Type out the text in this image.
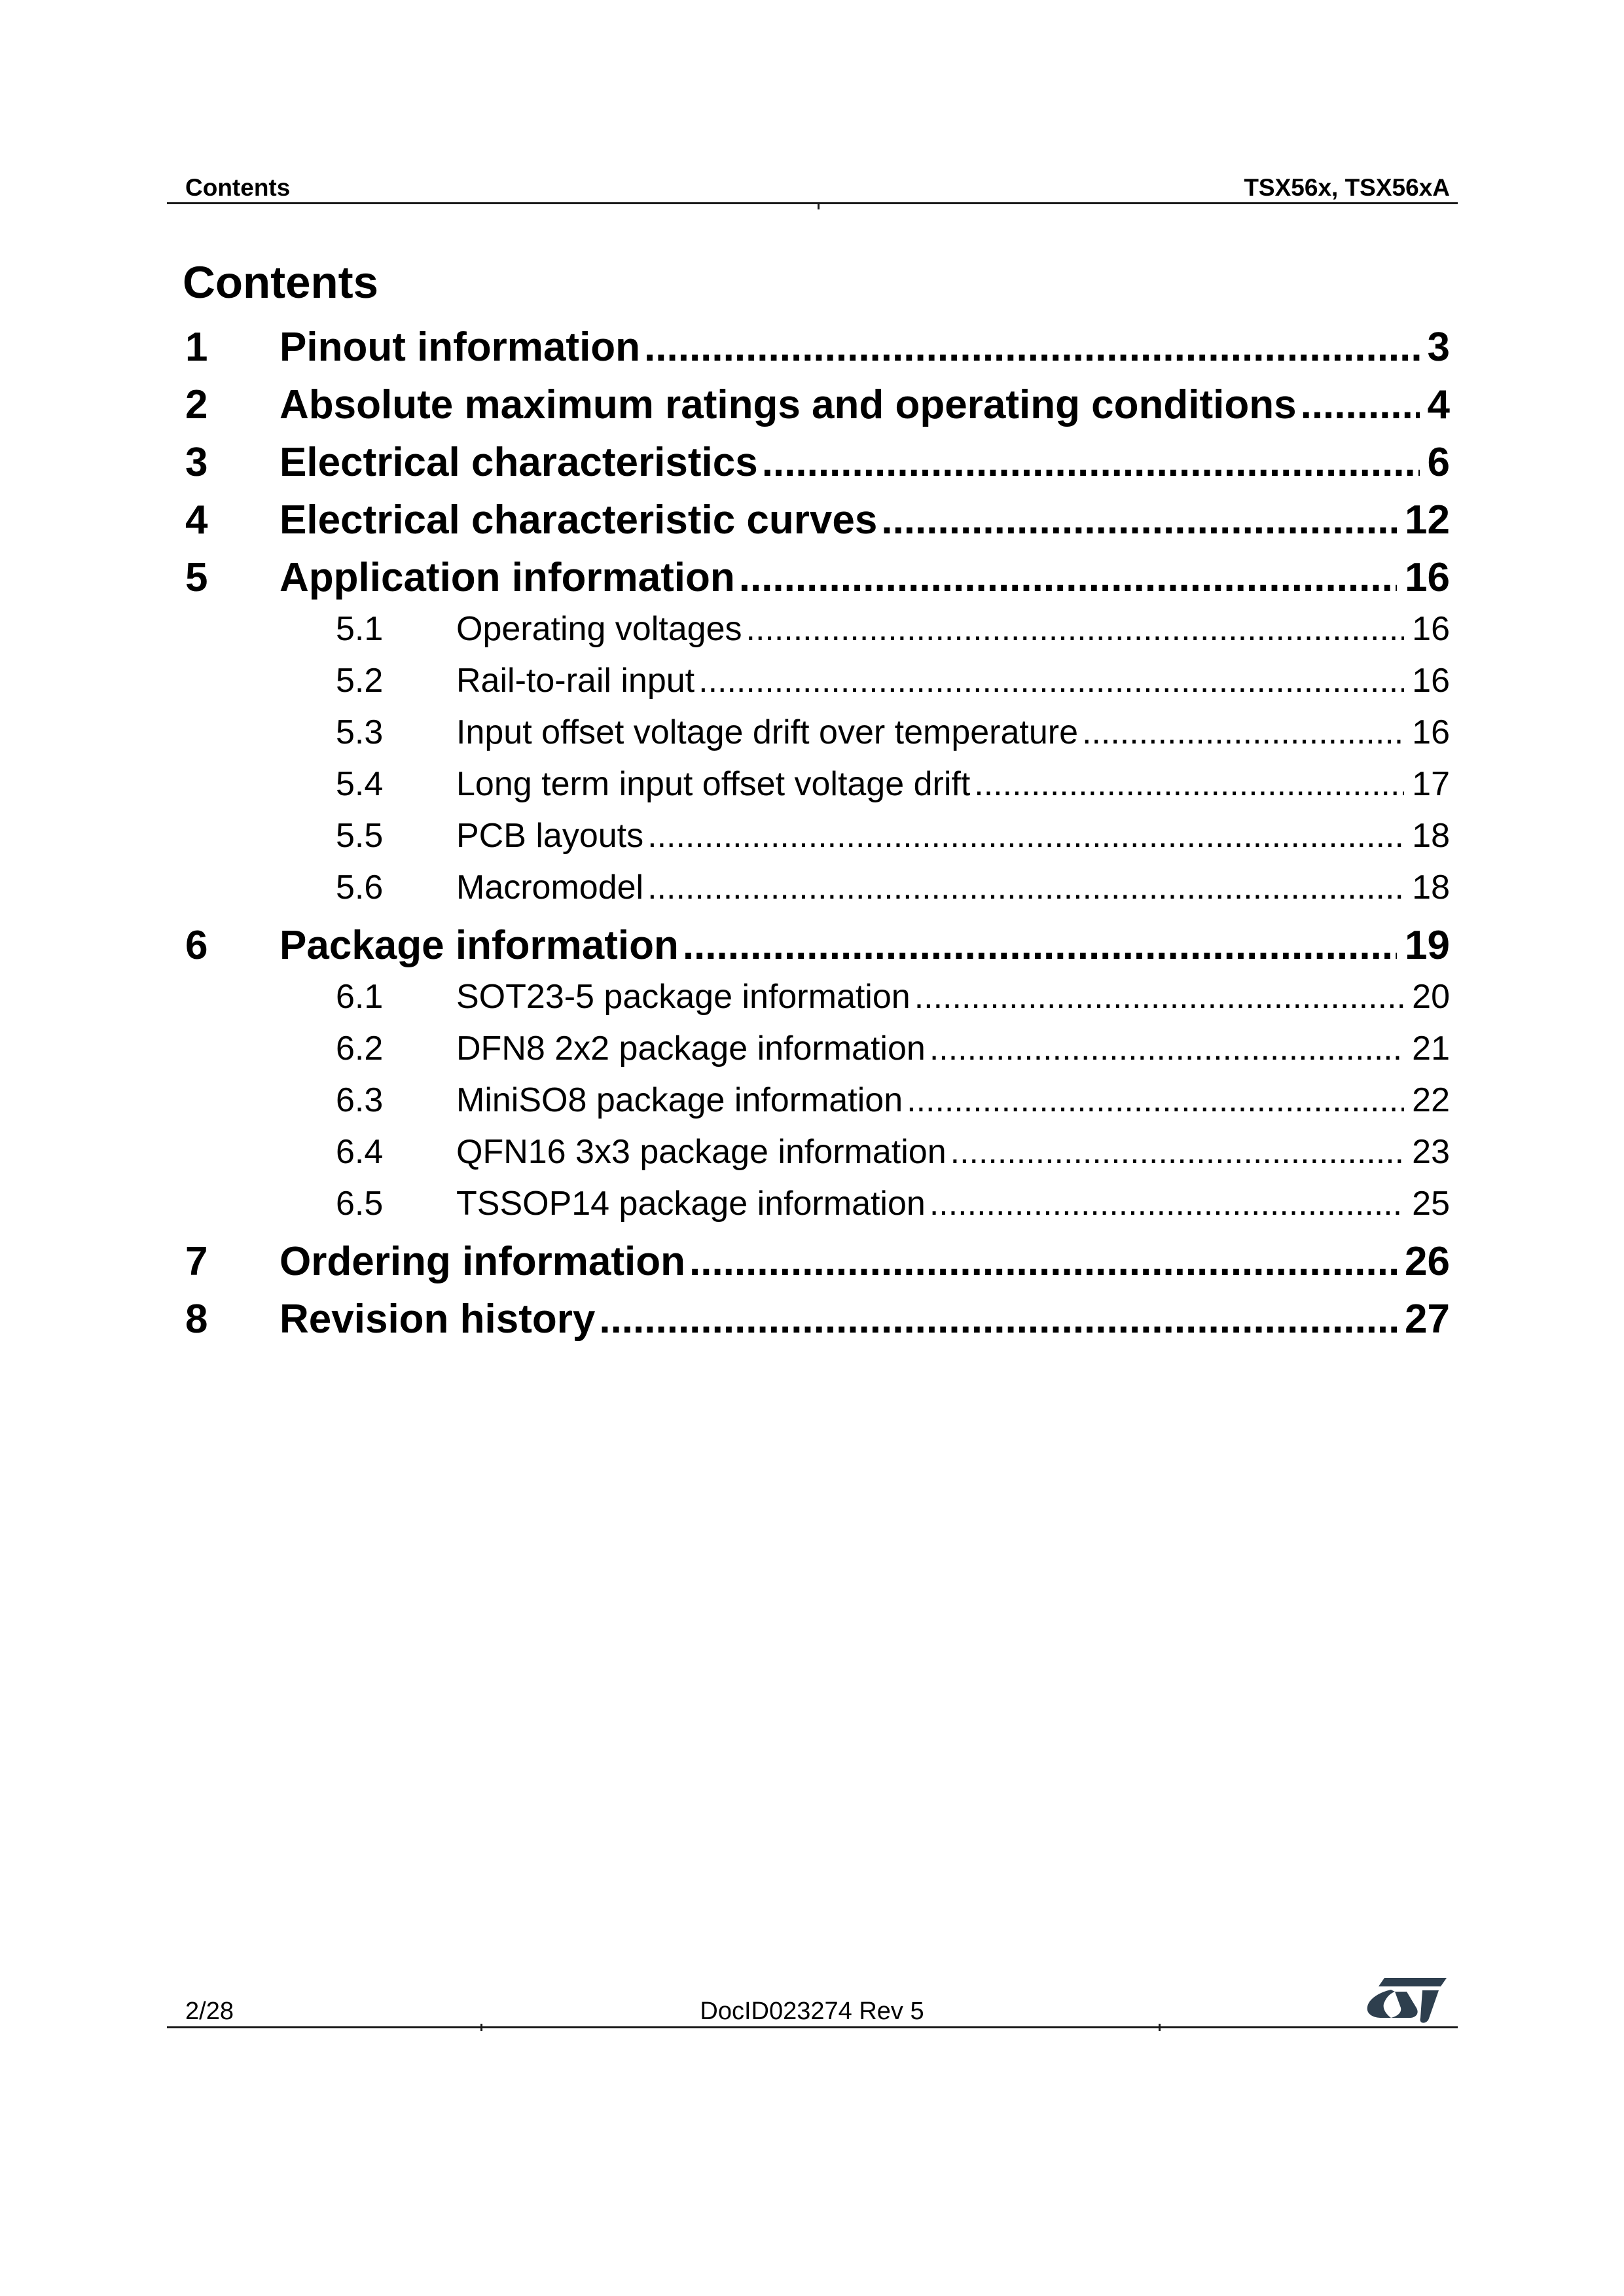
Contents	TSX56x, TSX56xA
Contents
1	Pinout information .....	3
2	Absolute maximum ratings and operating conditions .....	4
3	Electrical characteristics .....	6
4	Electrical characteristic curves .....	12
5	Application information .....	16
5.1	Operating voltages .....	16
5.2	Rail-to-rail input .....	16
5.3	Input offset voltage drift over temperature .....	16
5.4	Long term input offset voltage drift .....	17
5.5	PCB layouts .....	18
5.6	Macromodel .....	18
6	Package information .....	19
6.1	SOT23-5 package information .....	20
6.2	DFN8 2x2 package information .....	21
6.3	MiniSO8 package information .....	22
6.4	QFN16 3x3 package information .....	23
6.5	TSSOP14 package information .....	25
7	Ordering information .....	26
8	Revision history .....	27
2/28	DocID023274 Rev 5
